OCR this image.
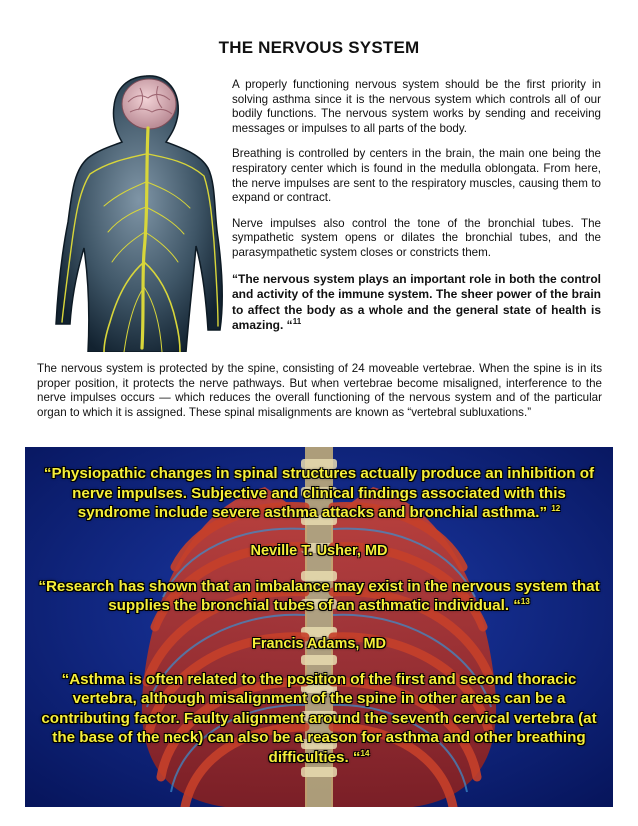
THE NERVOUS SYSTEM

A properly functioning nervous system should be the first priority in solving asthma since it is the nervous system which controls all of our bodily functions. The nervous system works by sending and receiving messages or impulses to all parts of the body.

Breathing is controlled by centers in the brain, the main one being the respiratory center which is found in the medulla oblongata. From here, the nerve impulses are sent to the respiratory muscles, causing them to expand or contract.

Nerve impulses also control the tone of the bronchial tubes. The sympathetic system opens or dilates the bronchial tubes, and the parasympathetic system closes or constricts them.

“The nervous system plays an important role in both the control and activity of the immune system. The sheer power of the brain to affect the body as a whole and the general state of health is amazing. “$^{11}$

The nervous system is protected by the spine, consisting of 24 moveable vertebrae. When the spine is in its proper position, it protects the nerve pathways. But when vertebrae become misaligned, interference to the nerve impulses occurs — which reduces the overall functioning of the nervous system and of the particular organ to which it is assigned. These spinal misalignments are known as “vertebral subluxations.”

“Physiopathic changes in spinal structures actually produce an inhibition of nerve impulses. Subjective and clinical findings associated with this syndrome include severe asthma attacks and bronchial asthma.” $^{12}$

Neville T. Usher, MD

“Research has shown that an imbalance may exist in the nervous system that supplies the bronchial tubes of an asthmatic individual. “$^{13}$

Francis Adams, MD

“Asthma is often related to the position of the first and second thoracic vertebra, although misalignment of the spine in other areas can be a contributing factor. Faulty alignment around the seventh cervical vertebra (at the base of the neck) can also be a reason for asthma and other breathing difficulties. “$^{14}$
